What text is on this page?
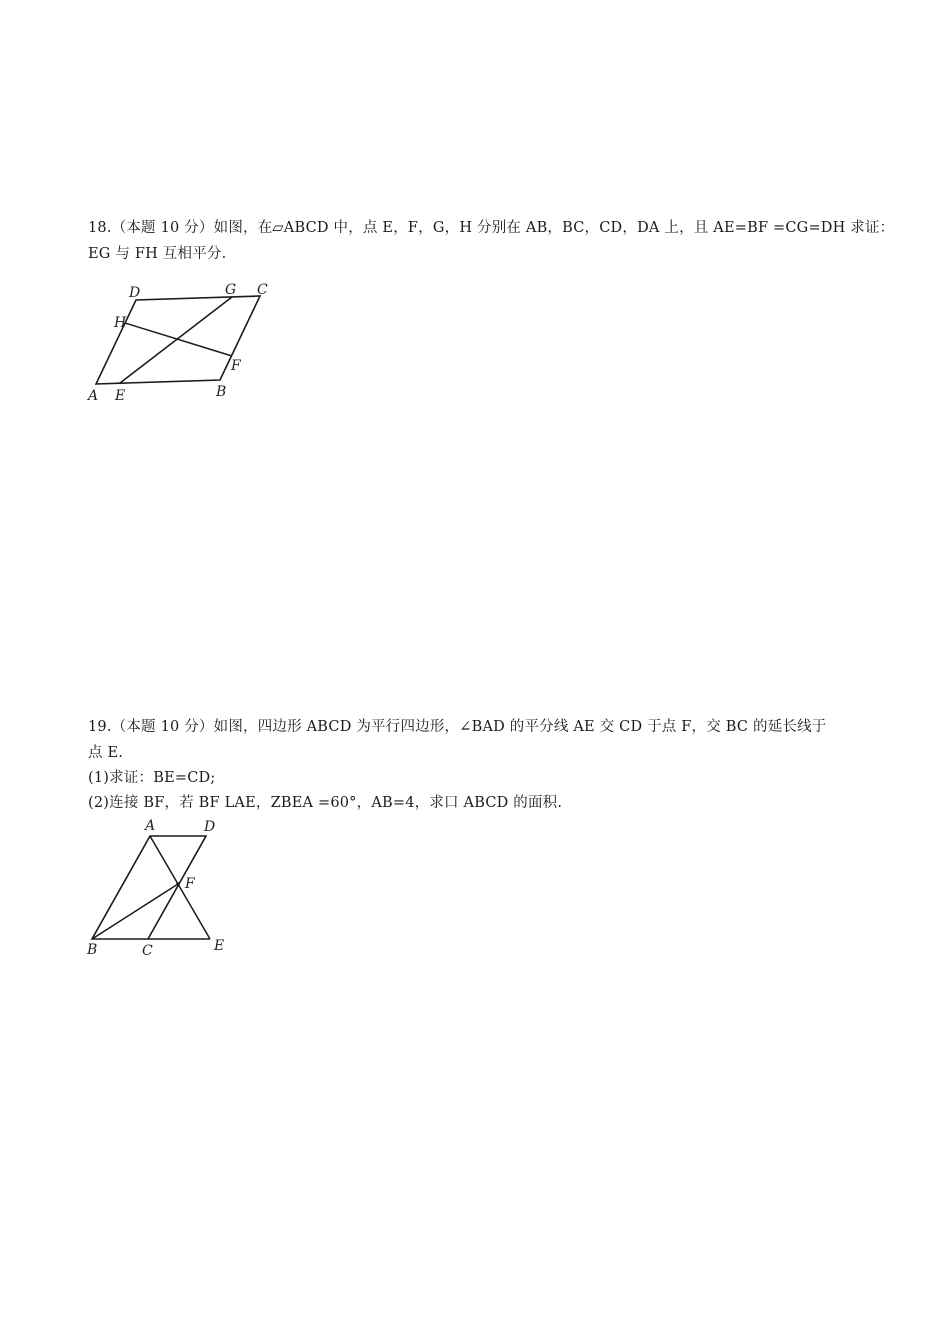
18.（本题 10 分）如图，在▱ABCD 中，点 E，F，G，H 分别在 AB，BC，CD，DA 上，且 AE=BF =CG=DH 求证：
EG 与 FH 互相平分.
D	G C
H
F
A E	B
19.（本题 10 分）如图，四边形 ABCD 为平行四边形，∠BAD 的平分线 AE 交 CD 于点 F，交 BC 的延长线于
点 E.
(1)求证：BE=CD;
(2)连接 BF，若 BF LAE，ZBEA =60°，AB=4，求口 ABCD 的面积.
A	D
F
B	C	E
